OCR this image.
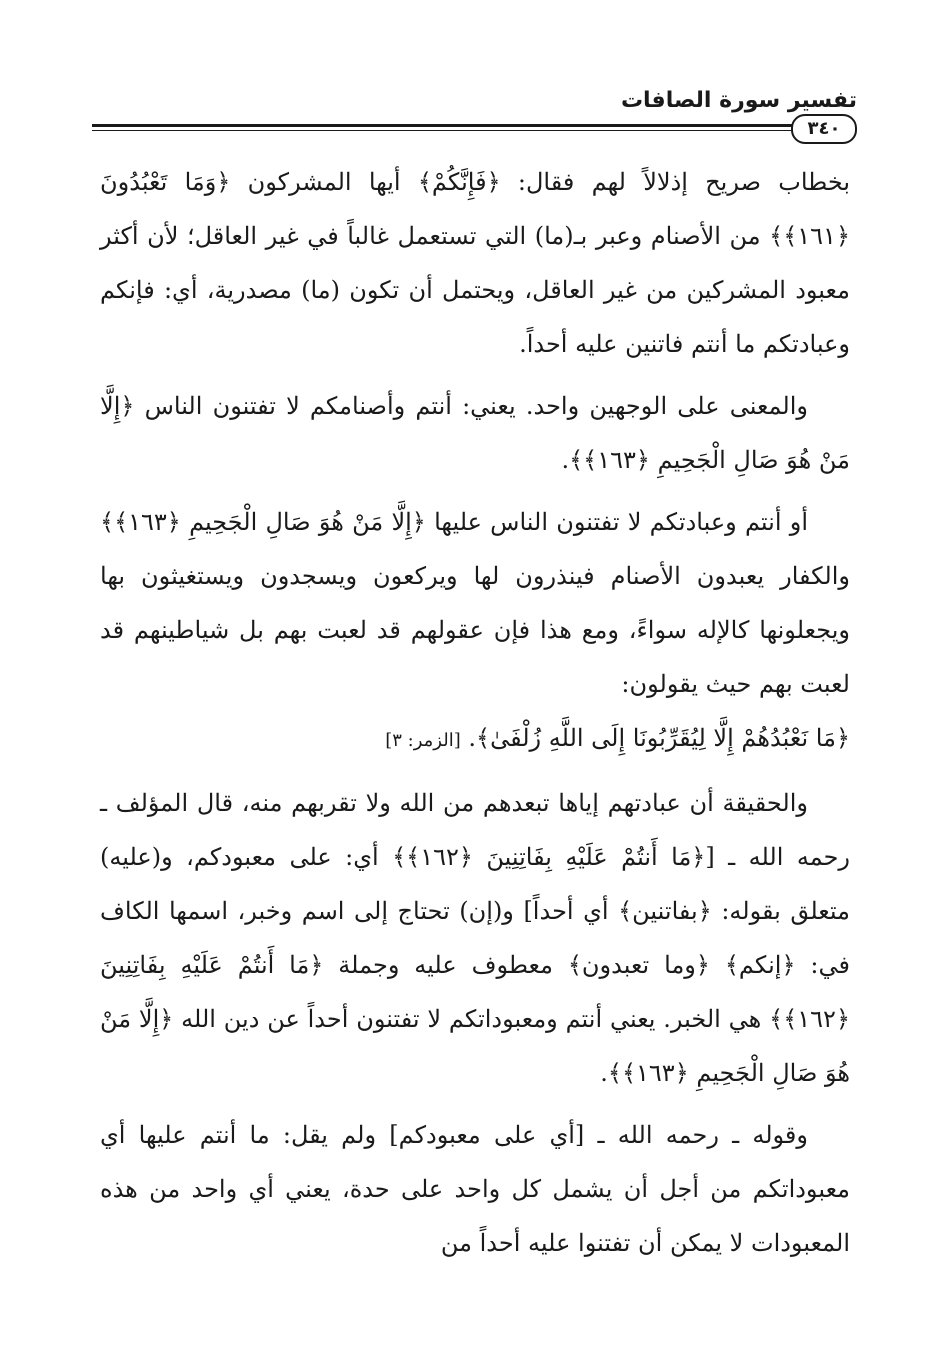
تفسير سورة الصافات
٣٤٠

بخطاب صريح إذلالاً لهم فقال: ﴿فَإِنَّكُمْ﴾ أيها المشركون ﴿وَمَا تَعْبُدُونَ ﴿١٦١﴾﴾ من الأصنام وعبر بـ(ما) التي تستعمل غالباً في غير العاقل؛ لأن أكثر معبود المشركين من غير العاقل، ويحتمل أن تكون (ما) مصدرية، أي: فإنكم وعبادتكم ما أنتم فاتنين عليه أحداً.

والمعنى على الوجهين واحد. يعني: أنتم وأصنامكم لا تفتنون الناس ﴿إِلَّا مَنْ هُوَ صَالِ الْجَحِيمِ ﴿١٦٣﴾﴾.

أو أنتم وعبادتكم لا تفتنون الناس عليها ﴿إِلَّا مَنْ هُوَ صَالِ الْجَحِيمِ ﴿١٦٣﴾﴾ والكفار يعبدون الأصنام فينذرون لها ويركعون ويسجدون ويستغيثون بها ويجعلونها كالإله سواءً، ومع هذا فإن عقولهم قد لعبت بهم بل شياطينهم قد لعبت بهم حيث يقولون:
﴿مَا نَعْبُدُهُمْ إِلَّا لِيُقَرِّبُونَا إِلَى اللَّهِ زُلْفَىٰ﴾. [الزمر: ٣]

والحقيقة أن عبادتهم إياها تبعدهم من الله ولا تقربهم منه، قال المؤلف ـ رحمه الله ـ [﴿مَا أَنتُمْ عَلَيْهِ بِفَاتِنِينَ ﴿١٦٢﴾﴾ أي: على معبودكم، و(عليه) متعلق بقوله: ﴿بفاتنين﴾ أي أحداً] و(إن) تحتاج إلى اسم وخبر، اسمها الكاف في: ﴿إنكم﴾ ﴿وما تعبدون﴾ معطوف عليه وجملة ﴿مَا أَنتُمْ عَلَيْهِ بِفَاتِنِينَ ﴿١٦٢﴾﴾ هي الخبر. يعني أنتم ومعبوداتكم لا تفتنون أحداً عن دين الله ﴿إِلَّا مَنْ هُوَ صَالِ الْجَحِيمِ ﴿١٦٣﴾﴾.

وقوله ـ رحمه الله ـ [أي على معبودكم] ولم يقل: ما أنتم عليها أي معبوداتكم من أجل أن يشمل كل واحد على حدة، يعني أي واحد من هذه المعبودات لا يمكن أن تفتنوا عليه أحداً من
